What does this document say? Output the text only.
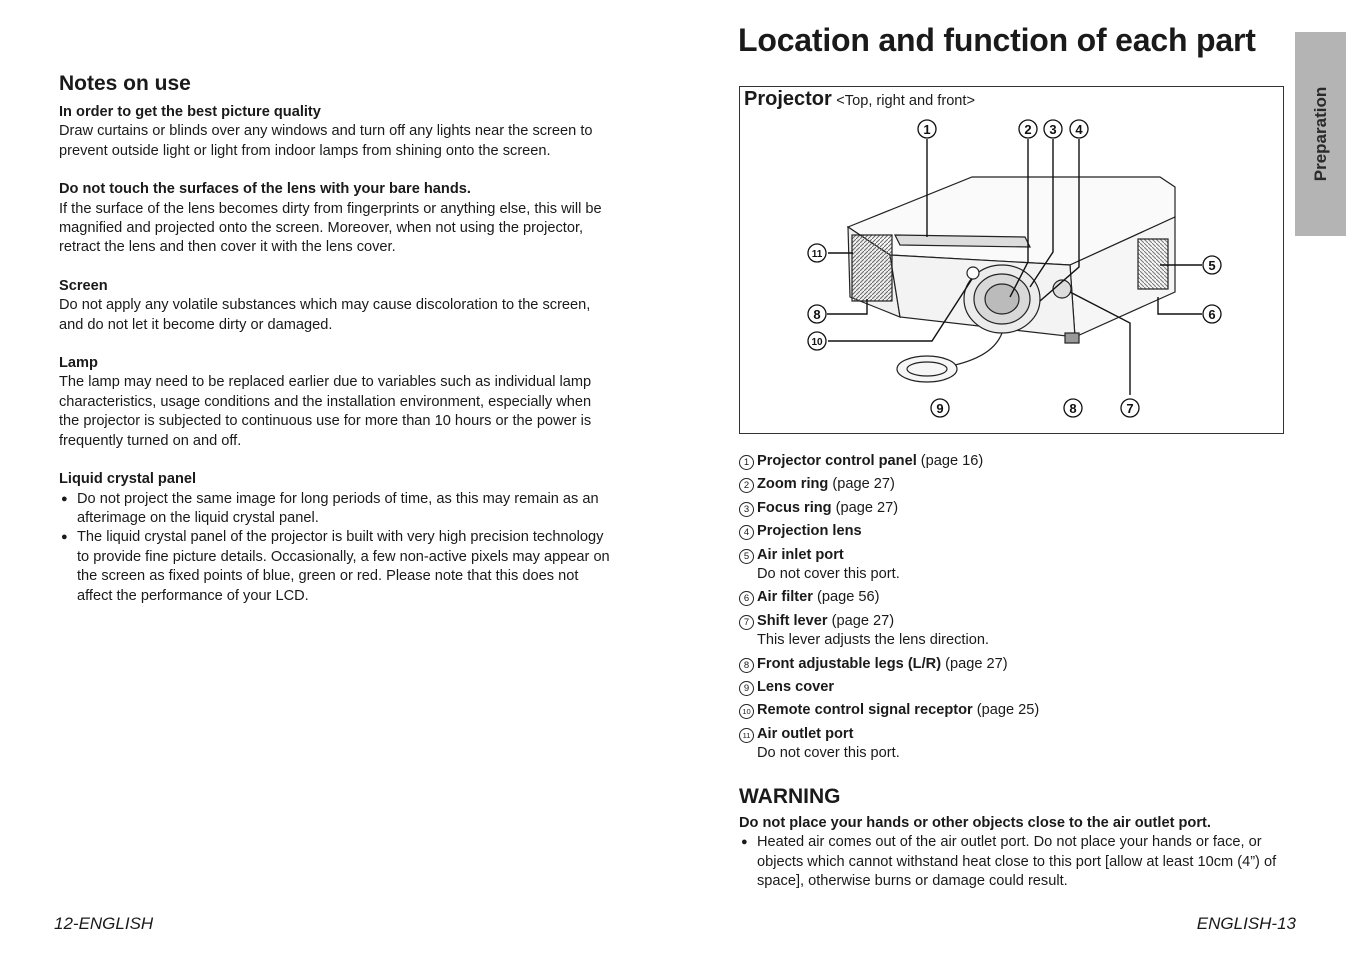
Notes on use
In order to get the best picture quality
Draw curtains or blinds over any windows and turn off any lights near the screen to prevent outside light or light from indoor lamps from shining onto the screen.
Do not touch the surfaces of the lens with your bare hands.
If the surface of the lens becomes dirty from fingerprints or anything else, this will be magnified and projected onto the screen. Moreover, when not using the projector, retract the lens and then cover it with the lens cover.
Screen
Do not apply any volatile substances which may cause discoloration to the screen, and do not let it become dirty or damaged.
Lamp
The lamp may need to be replaced earlier due to variables such as individual lamp characteristics, usage conditions and the installation environment, especially when the projector is subjected to continuous use for more than 10 hours or the power is frequently turned on and off.
Liquid crystal panel
● Do not project the same image for long periods of time, as this may remain as an afterimage on the liquid crystal panel.
● The liquid crystal panel of the projector is built with very high precision technology to provide fine picture details. Occasionally, a few non-active pixels may appear on the screen as fixed points of blue, green or red. Please note that this does not affect the performance of your LCD.
Location and function of each part
Preparation
Projector <Top, right and front>
1	2 3 4
5
6
7
8
9
8
10
11
1 Projector control panel (page 16)
2 Zoom ring (page 27)
3 Focus ring (page 27)
4 Projection lens
5 Air inlet port
Do not cover this port.
6 Air filter (page 56)
7 Shift lever (page 27)
This lever adjusts the lens direction.
8 Front adjustable legs (L/R) (page 27)
9 Lens cover
10 Remote control signal receptor (page 25)
11 Air outlet port
Do not cover this port.
WARNING
Do not place your hands or other objects close to the air outlet port.
● Heated air comes out of the air outlet port. Do not place your hands or face, or objects which cannot withstand heat close to this port [allow at least 10cm (4”) of space], otherwise burns or damage could result.
12-ENGLISH	ENGLISH-13
